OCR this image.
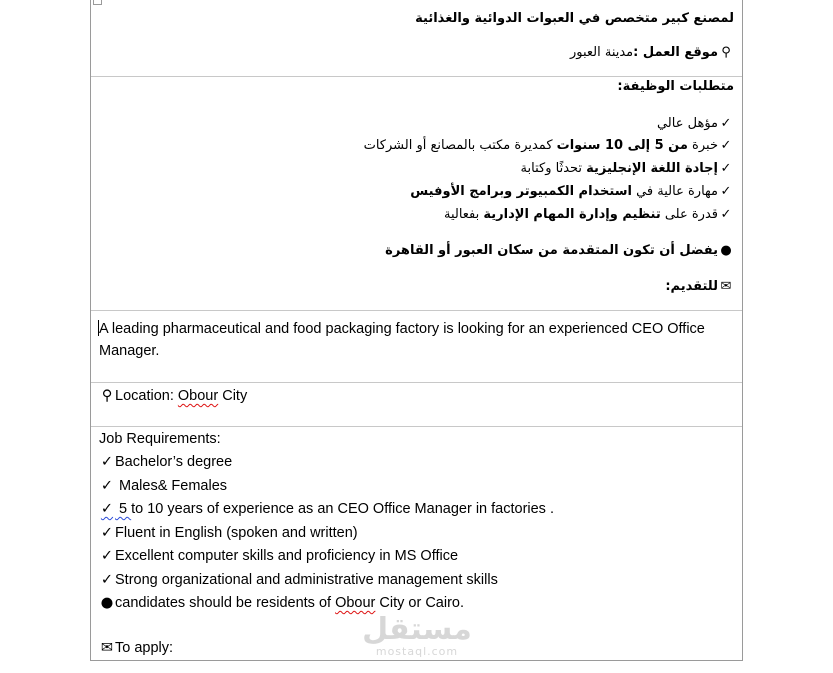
لمصنع كبير متخصص في العبوات الدوائية والغذائية
⚲موقع العمل :مدينة العبور
متطلبات الوظيفة:
✓مؤهل عالي
✓خبرة من 5 إلى 10 سنوات كمديرة مكتب بالمصانع أو الشركات
✓إجادة اللغة الإنجليزية تحدثًا وكتابة
✓مهارة عالية في استخدام الكمبيوتر وبرامج الأوفيس
✓قدرة على تنظيم وإدارة المهام الإدارية بفعالية
●يفضل أن تكون المتقدمة من سكان العبور أو القاهرة
✉للتقديم:
A leading pharmaceutical and food packaging factory is looking for an experienced CEO Office
Manager.
⚲ Location: Obour City
Job Requirements:
✓ Bachelor’s degree
✓ Males& Females
✓ 5 to 10 years of experience as an CEO Office Manager in factories .
✓ Fluent in English (spoken and written)
✓ Excellent computer skills and proficiency in MS Office
✓ Strong organizational and administrative management skills
● candidates should be residents of Obour City or Cairo.
✉ To apply:
مستقل
mostaql.com
